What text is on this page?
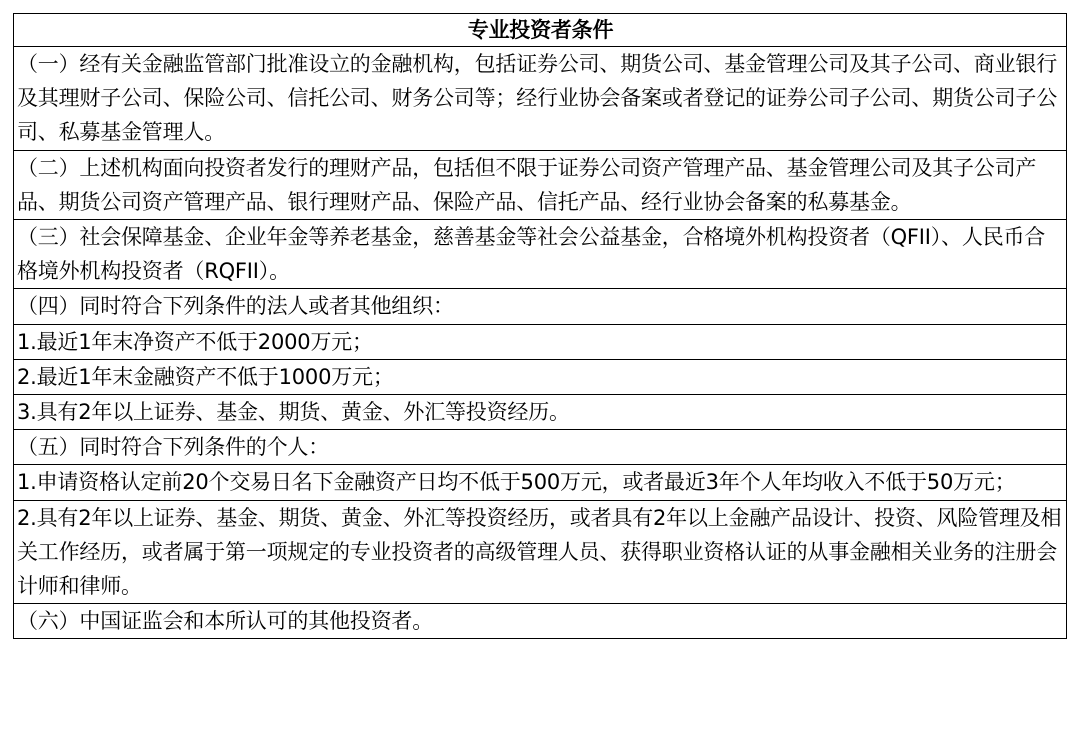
专业投资者条件
（一）经有关金融监管部门批准设立的金融机构，包括证券公司、期货公司、基金管理公司及其子公司、商业银行及其理财子公司、保险公司、信托公司、财务公司等；经行业协会备案或者登记的证券公司子公司、期货公司子公司、私募基金管理人。
（二）上述机构面向投资者发行的理财产品，包括但不限于证券公司资产管理产品、基金管理公司及其子公司产品、期货公司资产管理产品、银行理财产品、保险产品、信托产品、经行业协会备案的私募基金。
（三）社会保障基金、企业年金等养老基金，慈善基金等社会公益基金，合格境外机构投资者（QFII）、人民币合格境外机构投资者（RQFII）。
（四）同时符合下列条件的法人或者其他组织：
1.最近1年末净资产不低于2000万元；
2.最近1年末金融资产不低于1000万元；
3.具有2年以上证券、基金、期货、黄金、外汇等投资经历。
（五）同时符合下列条件的个人：
1.申请资格认定前20个交易日名下金融资产日均不低于500万元，或者最近3年个人年均收入不低于50万元；
2.具有2年以上证券、基金、期货、黄金、外汇等投资经历，或者具有2年以上金融产品设计、投资、风险管理及相关工作经历，或者属于第一项规定的专业投资者的高级管理人员、获得职业资格认证的从事金融相关业务的注册会计师和律师。
（六）中国证监会和本所认可的其他投资者。
